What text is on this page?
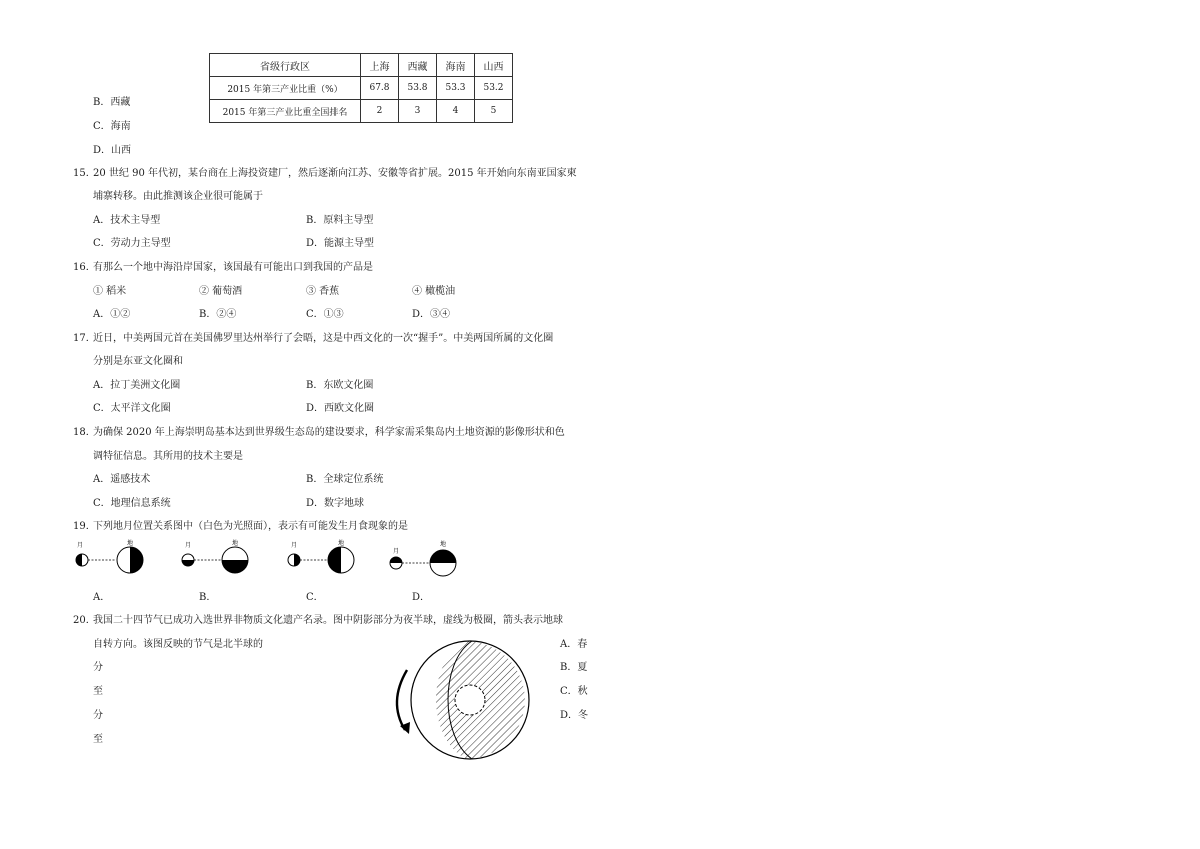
省级行政区	上海	西藏	海南	山西
2015 年第三产业比重（%）	67.8	53.8	53.3	53.2
2015 年第三产业比重全国排名	2	3	4	5
B．西藏
C．海南
D．山西
15．
20 世纪 90 年代初，某台商在上海投资建厂，然后逐渐向江苏、安徽等省扩展。2015 年开始向东南亚国家柬
埔寨转移。由此推测该企业很可能属于
A．技术主导型	B．原料主导型
C．劳动力主导型	D．能源主导型
16．
有那么一个地中海沿岸国家，该国最有可能出口到我国的产品是
① 稻米	② 葡萄酒	③ 香蕉	④ 橄榄油
A．①②	B．②④	C．①③	D．③④
17．
近日，中美两国元首在美国佛罗里达州举行了会晤，这是中西文化的一次“握手”。中美两国所属的文化圈
分别是东亚文化圈和
A．拉丁美洲文化圈	B．东欧文化圈
C．太平洋文化圈	D．西欧文化圈
18．
为确保 2020 年上海崇明岛基本达到世界级生态岛的建设要求，科学家需采集岛内土地资源的影像形状和色
调特征信息。其所用的技术主要是
A．遥感技术	B．全球定位系统
C．地理信息系统	D．数字地球
19．
下列地月位置关系图中（白色为光照面），表示有可能发生月食现象的是
月	地	月	地	月	地
月
地
A．	B．	C．	D．
20．
我国二十四节气已成功入选世界非物质文化遗产名录。图中阴影部分为夜半球，虚线为极圈，箭头表示地球
自转方向。该图反映的节气是北半球的
分
至
分
至
A．春
B．夏
C．秋
D．冬
